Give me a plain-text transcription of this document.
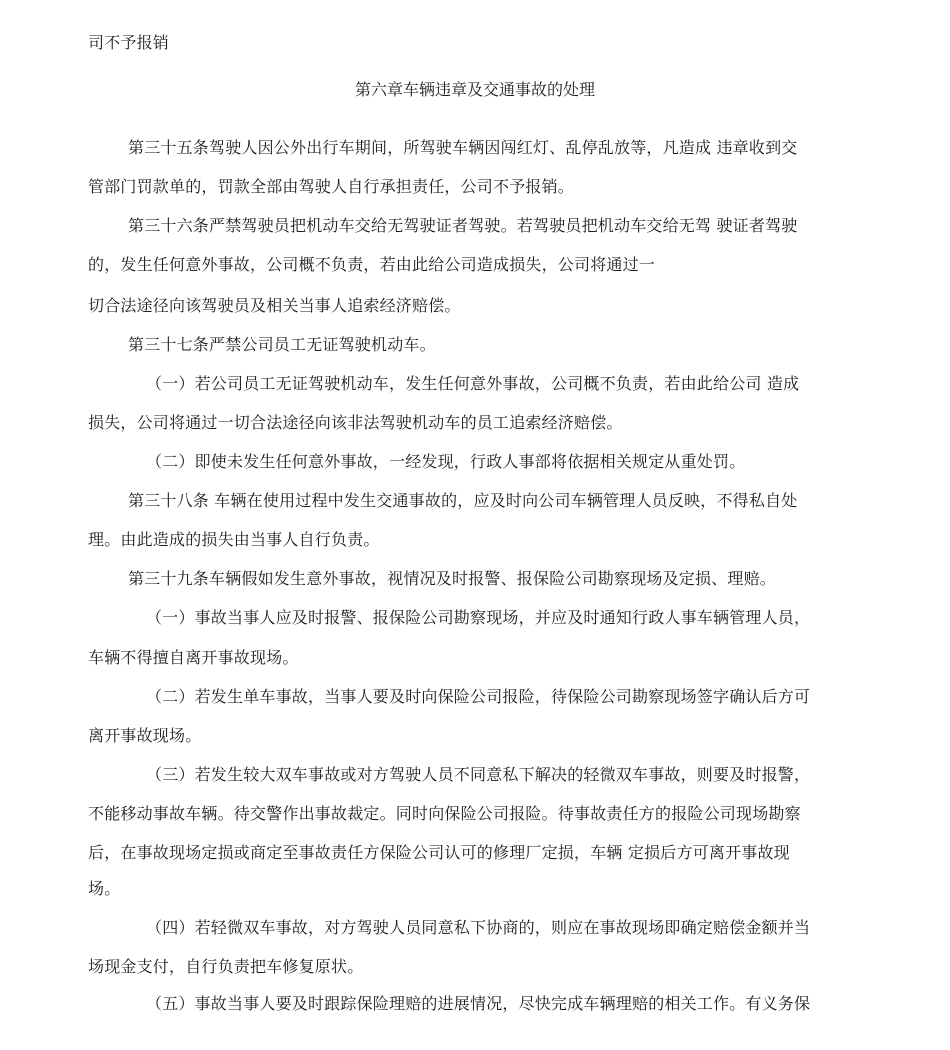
司不予报销
第六章车辆违章及交通事故的处理
第三十五条驾驶人因公外出行车期间，所驾驶车辆因闯红灯、乱停乱放等，凡造成 违章收到交
管部门罚款单的，罚款全部由驾驶人自行承担责任，公司不予报销。
第三十六条严禁驾驶员把机动车交给无驾驶证者驾驶。若驾驶员把机动车交给无驾 驶证者驾驶
的，发生任何意外事故，公司概不负责，若由此给公司造成损失，公司将通过一
切合法途径向该驾驶员及相关当事人追索经济赔偿。
第三十七条严禁公司员工无证驾驶机动车。
（一）若公司员工无证驾驶机动车，发生任何意外事故，公司概不负责，若由此给公司 造成
损失，公司将通过一切合法途径向该非法驾驶机动车的员工追索经济赔偿。
（二）即使未发生任何意外事故，一经发现，行政人事部将依据相关规定从重处罚。
第三十八条 车辆在使用过程中发生交通事故的，应及时向公司车辆管理人员反映，不得私自处
理。由此造成的损失由当事人自行负责。
第三十九条车辆假如发生意外事故，视情况及时报警、报保险公司勘察现场及定损、理赔。
（一）事故当事人应及时报警、报保险公司勘察现场，并应及时通知行政人事车辆管理人员，
车辆不得擅自离开事故现场。
（二）若发生单车事故，当事人要及时向保险公司报险，待保险公司勘察现场签字确认后方可
离开事故现场。
（三）若发生较大双车事故或对方驾驶人员不同意私下解决的轻微双车事故，则要及时报警，
不能移动事故车辆。待交警作出事故裁定。同时向保险公司报险。待事故责任方的报险公司现场勘察
后，在事故现场定损或商定至事故责任方保险公司认可的修理厂定损，车辆 定损后方可离开事故现
场。
（四）若轻微双车事故，对方驾驶人员同意私下协商的，则应在事故现场即确定赔偿金额并当
场现金支付，自行负责把车修复原状。
（五）事故当事人要及时跟踪保险理赔的进展情况，尽快完成车辆理赔的相关工作。有义务保
